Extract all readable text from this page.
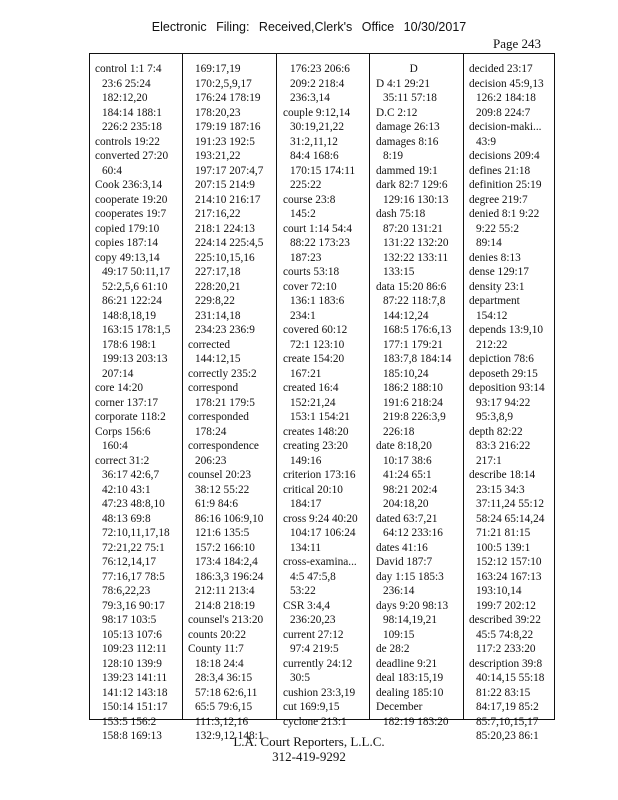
Electronic Filing: Received,Clerk's Office 10/30/2017
Page 243
control 1:1 7:4
23:6 25:24
182:12,20
184:14 188:1
226:2 235:18
controls 19:22
converted 27:20
60:4
Cook 236:3,14
cooperate 19:20
cooperates 19:7
copied 179:10
copies 187:14
copy 49:13,14
49:17 50:11,17
52:2,5,6 61:10
86:21 122:24
148:8,18,19
163:15 178:1,5
178:6 198:1
199:13 203:13
207:14
core 14:20
corner 137:17
corporate 118:2
Corps 156:6
160:4
correct 31:2
36:17 42:6,7
42:10 43:1
47:23 48:8,10
48:13 69:8
72:10,11,17,18
72:21,22 75:1
76:12,14,17
77:16,17 78:5
78:6,22,23
79:3,16 90:17
98:17 103:5
105:13 107:6
109:23 112:11
128:10 139:9
139:23 141:11
141:12 143:18
150:14 151:17
153:5 156:2
158:8 169:13
169:17,19
170:2,5,9,17
176:24 178:19
178:20,23
179:19 187:16
191:23 192:5
193:21,22
197:17 207:4,7
207:15 214:9
214:10 216:17
217:16,22
218:1 224:13
224:14 225:4,5
225:10,15,16
227:17,18
228:20,21
229:8,22
231:14,18
234:23 236:9
corrected
144:12,15
correctly 235:2
correspond
178:21 179:5
corresponded
178:24
correspondence
206:23
counsel 20:23
38:12 55:22
61:9 84:6
86:16 106:9,10
121:6 135:5
157:2 166:10
173:4 184:2,4
186:3,3 196:24
212:11 213:4
214:8 218:19
counsel's 213:20
counts 20:22
County 11:7
18:18 24:4
28:3,4 36:15
57:18 62:6,11
65:5 79:6,15
111:3,12,16
132:9,12 148:1
176:23 206:6
209:2 218:4
236:3,14
couple 9:12,14
30:19,21,22
31:2,11,12
84:4 168:6
170:15 174:11
225:22
course 23:8
145:2
court 1:14 54:4
88:22 173:23
187:23
courts 53:18
cover 72:10
136:1 183:6
234:1
covered 60:12
72:1 123:10
create 154:20
167:21
created 16:4
152:21,24
153:1 154:21
creates 148:20
creating 23:20
149:16
criterion 173:16
critical 20:10
184:17
cross 9:24 40:20
104:17 106:24
134:11
cross-examina...
4:5 47:5,8
53:22
CSR 3:4,4
236:20,23
current 27:12
97:4 219:5
currently 24:12
30:5
cushion 23:3,19
cut 169:9,15
cyclone 213:1
D
D 4:1 29:21
35:11 57:18
D.C 2:12
damage 26:13
damages 8:16
8:19
dammed 19:1
dark 82:7 129:6
129:16 130:13
dash 75:18
87:20 131:21
131:22 132:20
132:22 133:11
133:15
data 15:20 86:6
87:22 118:7,8
144:12,24
168:5 176:6,13
177:1 179:21
183:7,8 184:14
185:10,24
186:2 188:10
191:6 218:24
219:8 226:3,9
226:18
date 8:18,20
10:17 38:6
41:24 65:1
98:21 202:4
204:18,20
dated 63:7,21
64:12 233:16
dates 41:16
David 187:7
day 1:15 185:3
236:14
days 9:20 98:13
98:14,19,21
109:15
de 28:2
deadline 9:21
deal 183:15,19
dealing 185:10
December
182:19 183:20
decided 23:17
decision 45:9,13
126:2 184:18
209:8 224:7
decision-maki...
43:9
decisions 209:4
defines 21:18
definition 25:19
degree 219:7
denied 8:1 9:22
9:22 55:2
89:14
denies 8:13
dense 129:17
density 23:1
department
154:12
depends 13:9,10
212:22
depiction 78:6
deposeth 29:15
deposition 93:14
93:17 94:22
95:3,8,9
depth 82:22
83:3 216:22
217:1
describe 18:14
23:15 34:3
37:11,24 55:12
58:24 65:14,24
71:21 81:15
100:5 139:1
152:12 157:10
163:24 167:13
193:10,14
199:7 202:12
described 39:22
45:5 74:8,22
117:2 233:20
description 39:8
40:14,15 55:18
81:22 83:15
84:17,19 85:2
85:7,10,15,17
85:20,23 86:1
L.A. Court Reporters, L.L.C.
312-419-9292
